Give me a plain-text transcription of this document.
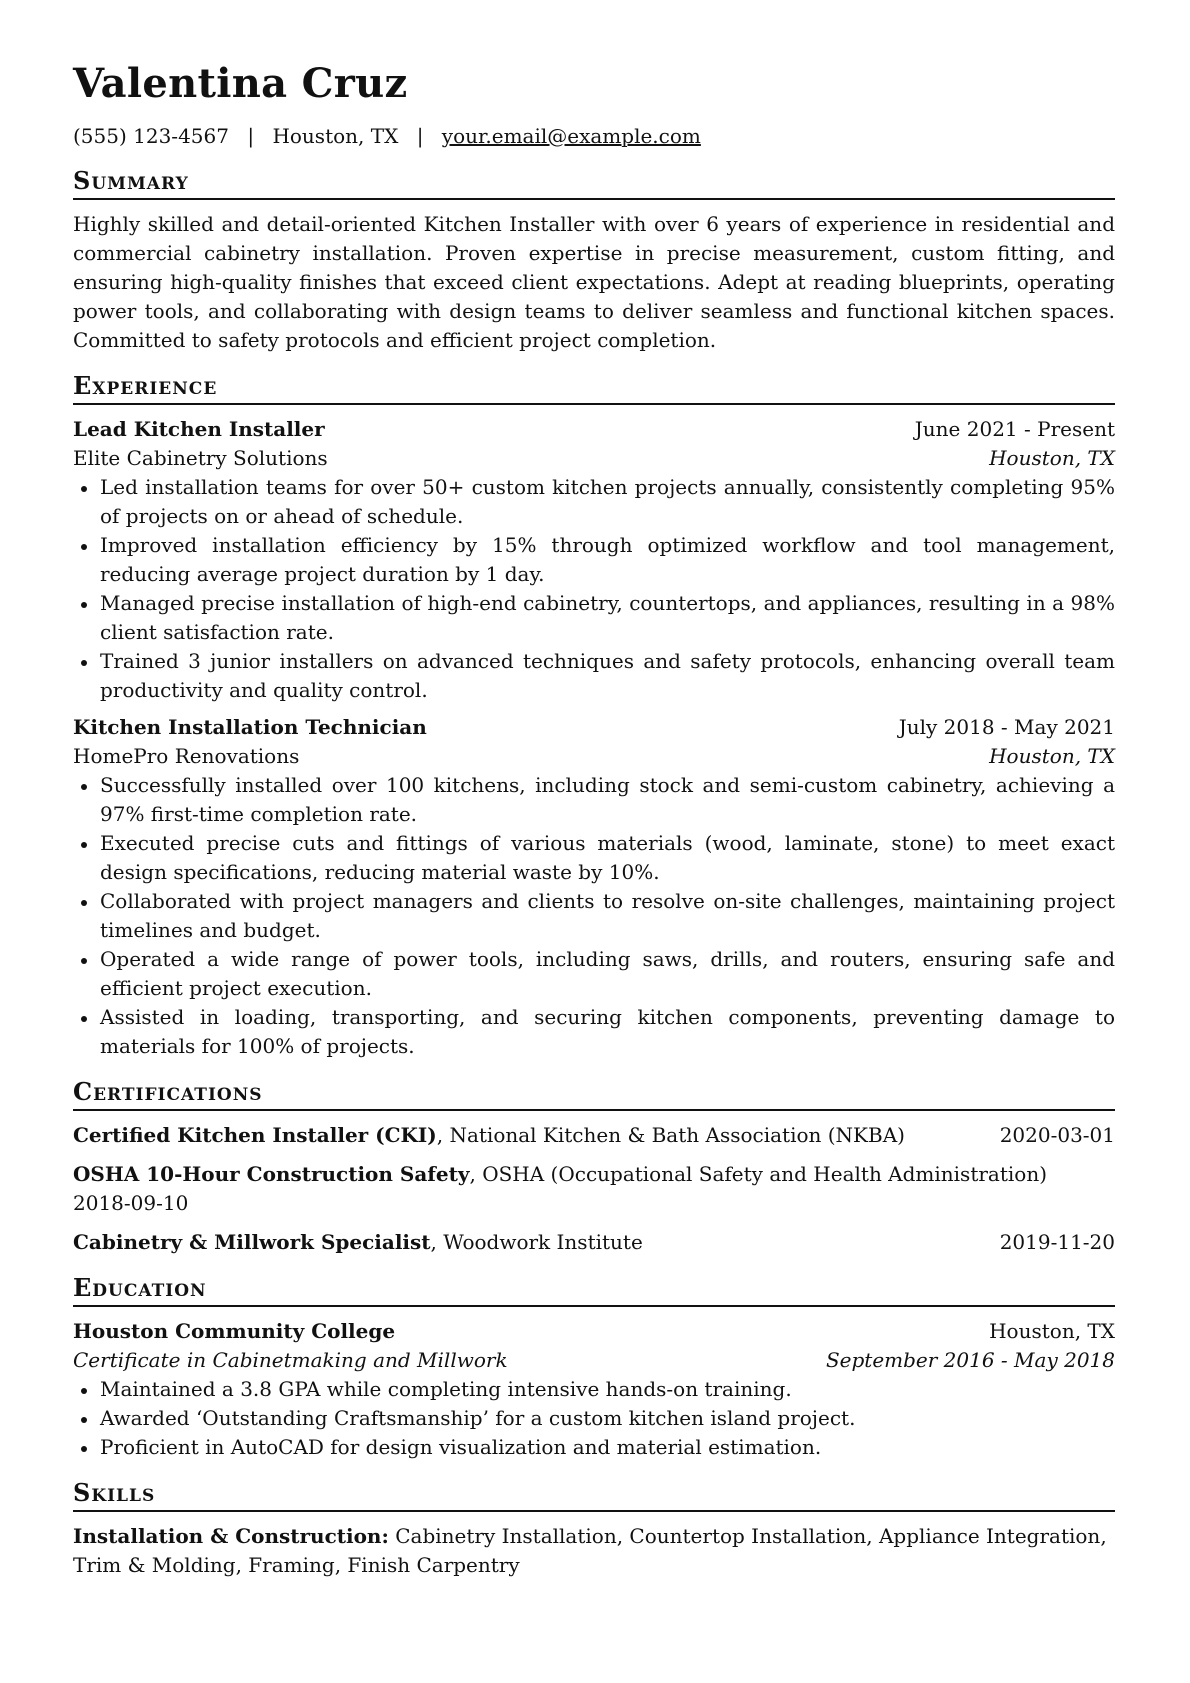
Valentina Cruz
(555) 123-4567 | Houston, TX | your.email@example.com
Summary

Highly skilled and detail-oriented Kitchen Installer with over 6 years of experience in residential and commercial cabinetry installation. Proven expertise in precise measurement, custom fitting, and ensuring high-quality finishes that exceed client expectations. Adept at reading blueprints, operating power tools, and collaborating with design teams to deliver seamless and functional kitchen spaces. Committed to safety protocols and efficient project completion.

Experience
Lead Kitchen Installer	June 2021 - Present
Elite Cabinetry Solutions	Houston, TX
Led installation teams for over 50+ custom kitchen projects annually, consistently completing 95% of projects on or ahead of schedule.
Improved installation efficiency by 15% through optimized workflow and tool management, reducing average project duration by 1 day.
Managed precise installation of high-end cabinetry, countertops, and appliances, resulting in a 98% client satisfaction rate.
Trained 3 junior installers on advanced techniques and safety protocols, enhancing overall team productivity and quality control.
Kitchen Installation Technician	July 2018 - May 2021
HomePro Renovations	Houston, TX
Successfully installed over 100 kitchens, including stock and semi-custom cabinetry, achieving a 97% first-time completion rate.
Executed precise cuts and fittings of various materials (wood, laminate, stone) to meet exact design specifications, reducing material waste by 10%.
Collaborated with project managers and clients to resolve on-site challenges, maintaining project timelines and budget.
Operated a wide range of power tools, including saws, drills, and routers, ensuring safe and efficient project execution.
Assisted in loading, transporting, and securing kitchen components, preventing damage to materials for 100% of projects.
Certifications
Certified Kitchen Installer (CKI), National Kitchen & Bath Association (NKBA)	2020-03-01
OSHA 10-Hour Construction Safety, OSHA (Occupational Safety and Health Administration)
2018-09-10
Cabinetry & Millwork Specialist, Woodwork Institute	2019-11-20
Education
Houston Community College	Houston, TX
Certificate in Cabinetmaking and Millwork	September 2016 - May 2018
Maintained a 3.8 GPA while completing intensive hands-on training.
Awarded ‘Outstanding Craftsmanship’ for a custom kitchen island project.
Proficient in AutoCAD for design visualization and material estimation.
Skills
Installation & Construction: Cabinetry Installation, Countertop Installation, Appliance Integration, Trim & Molding, Framing, Finish Carpentry
